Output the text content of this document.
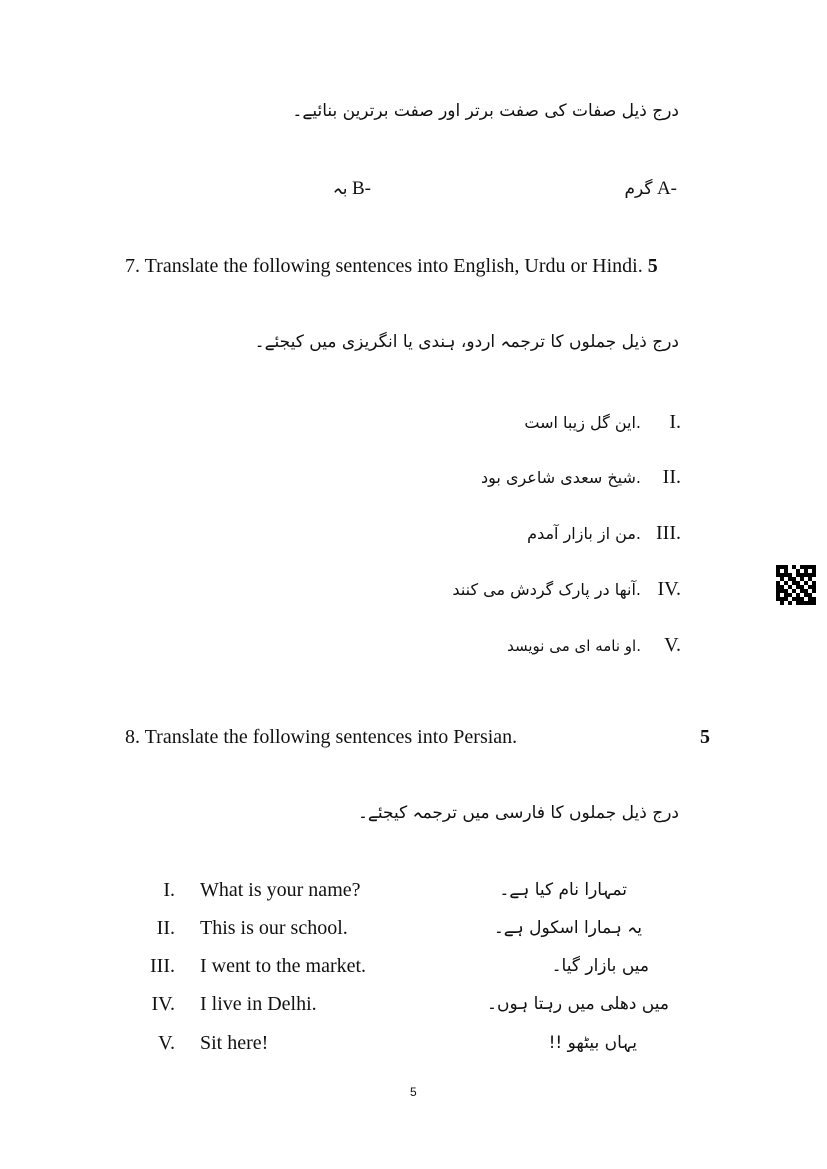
درج ذیل صفات کی صفت برتر اور صفت برترین بنائیے۔
گرم A-
بہ B-
7. Translate the following sentences into English, Urdu or Hindi. 5
درج ذیل جملوں کا ترجمہ اردو، ہندی یا انگریزی میں کیجئے۔
این گل زیبا است. I.
شیخ سعدی شاعری بود. II.
من از بازار آمدم. III.
آنها در پارک گردش می کنند. IV.
او نامه ای می نویسد. V.
8. Translate the following sentences into Persian.	5
درج ذیل جملوں کا فارسی میں ترجمہ کیجئے۔
I. What is your name?	تمہارا نام کیا ہے۔
II. This is our school.	یہ ہمارا اسکول ہے۔
III. I went to the market.	میں بازار گیا۔
IV. I live in Delhi.	میں دھلی میں رہتا ہوں۔
V. Sit here!	یہاں بیٹھو !!
5
